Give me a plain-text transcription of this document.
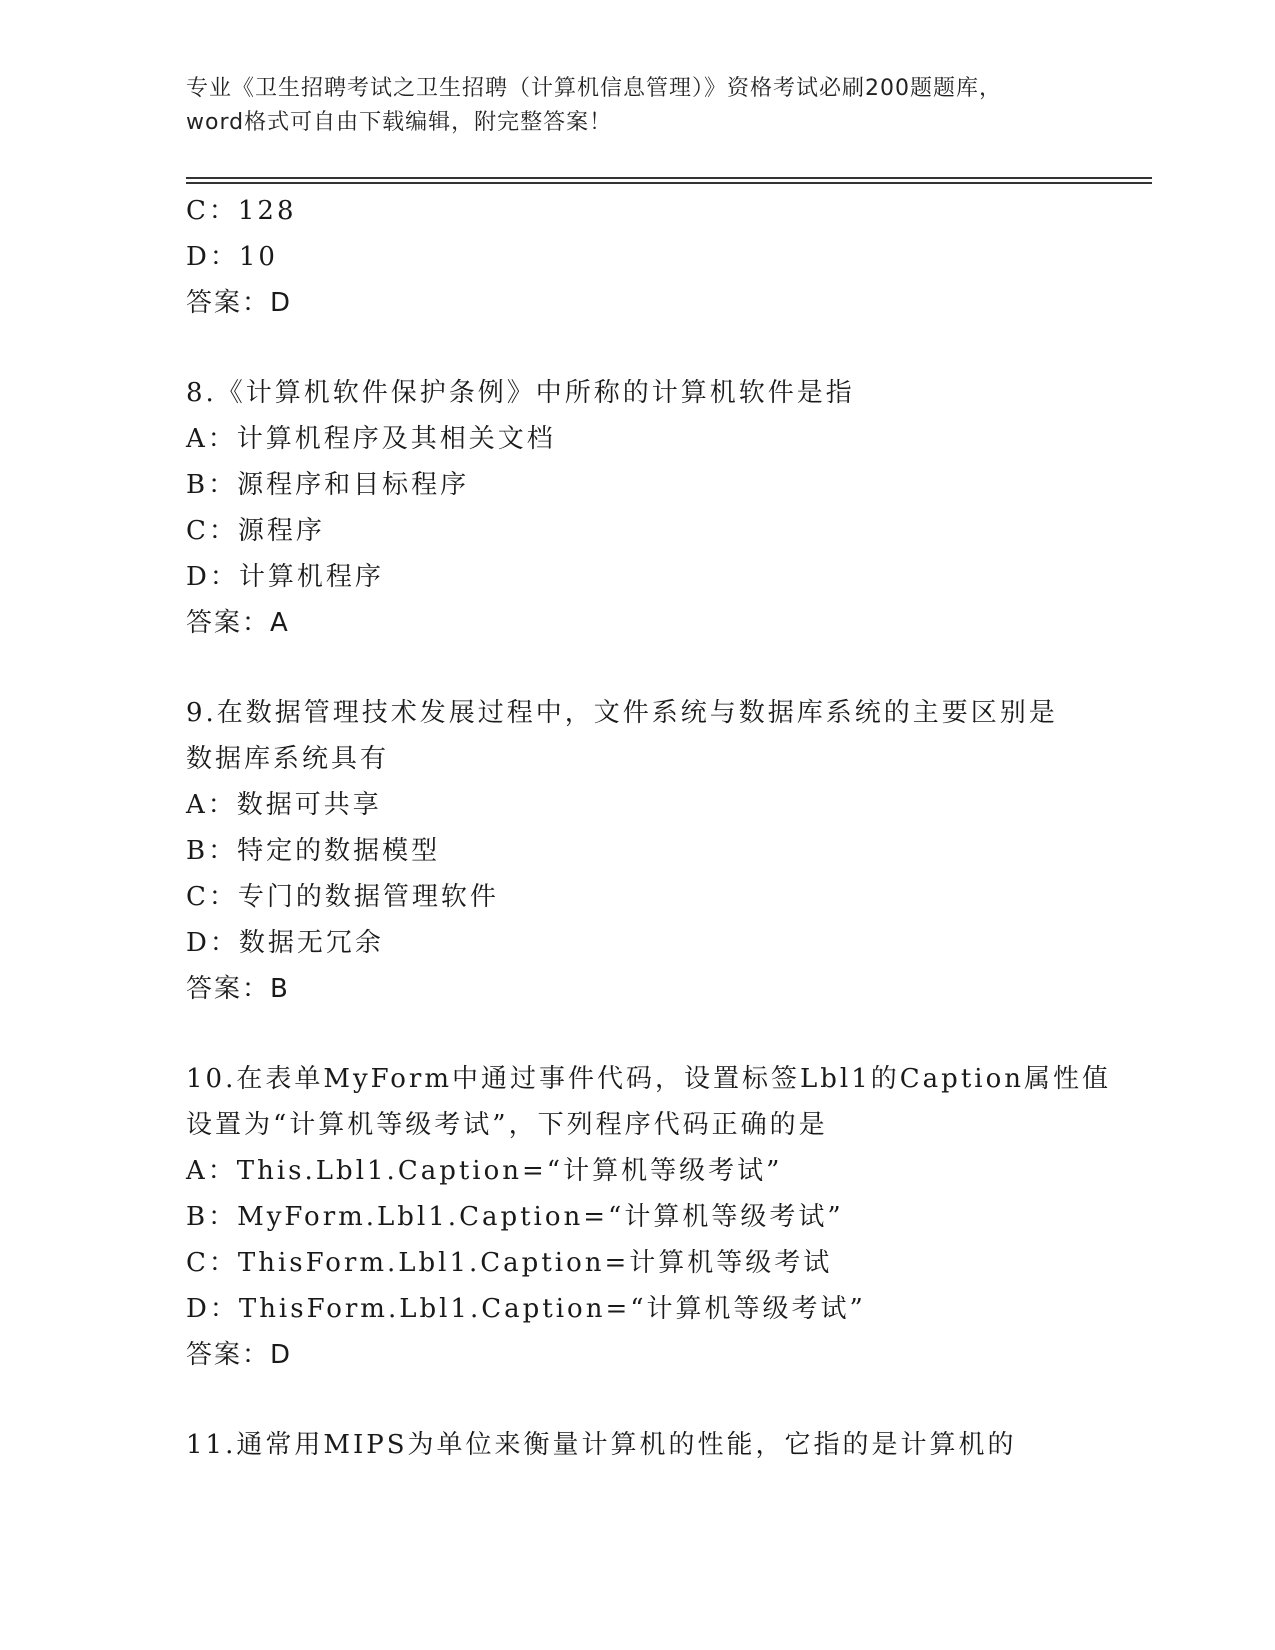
专业《卫生招聘考试之卫生招聘（计算机信息管理）》资格考试必刷200题题库，
word格式可自由下载编辑，附完整答案！
C：128
D：10
答案：D
8.《计算机软件保护条例》中所称的计算机软件是指
A：计算机程序及其相关文档
B：源程序和目标程序
C：源程序
D：计算机程序
答案：A
9.在数据管理技术发展过程中，文件系统与数据库系统的主要区别是
数据库系统具有
A：数据可共享
B：特定的数据模型
C：专门的数据管理软件
D：数据无冗余
答案：B
10.在表单MyForm中通过事件代码，设置标签Lbl1的Caption属性值
设置为“计算机等级考试”，下列程序代码正确的是
A：This.Lbl1.Caption=“计算机等级考试”
B：MyForm.Lbl1.Caption=“计算机等级考试”
C：ThisForm.Lbl1.Caption=计算机等级考试
D：ThisForm.Lbl1.Caption=“计算机等级考试”
答案：D
11.通常用MIPS为单位来衡量计算机的性能，它指的是计算机的
